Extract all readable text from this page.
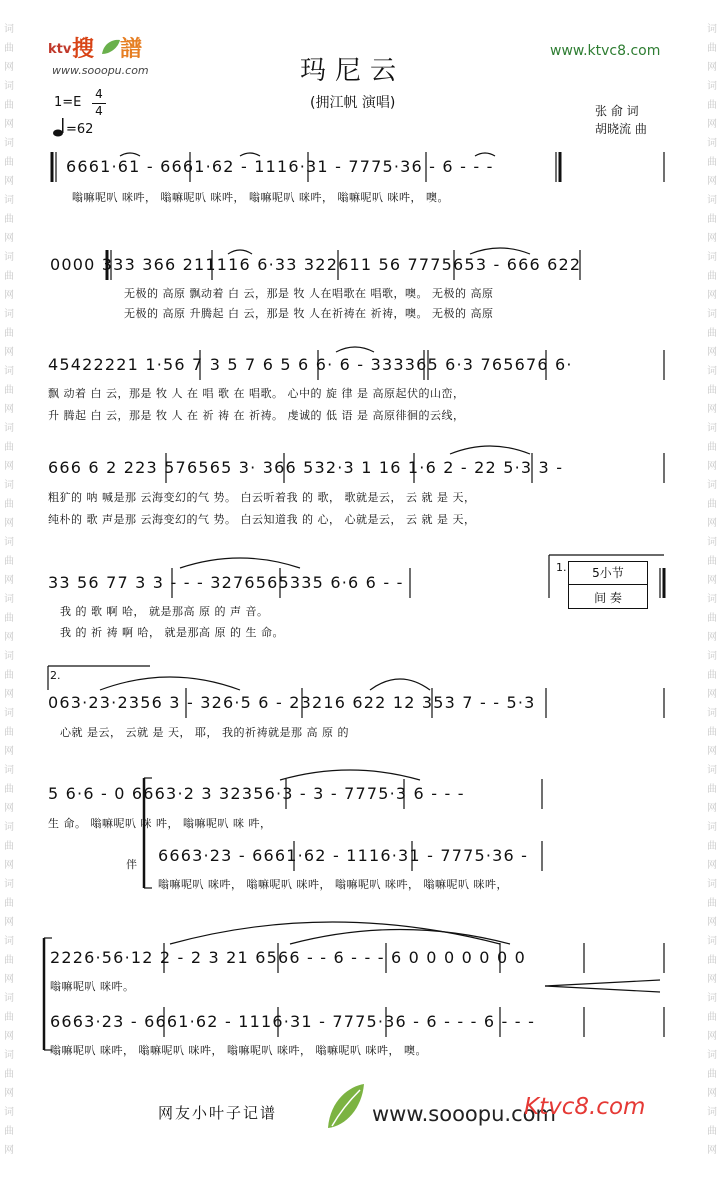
词曲网词曲网词曲网词曲网词曲网词曲网词曲网词曲网词曲网词曲网词曲网词曲网词曲网词曲网词曲网词曲网词曲网词曲网词曲网词曲网
词曲网词曲网词曲网词曲网词曲网词曲网词曲网词曲网词曲网词曲网词曲网词曲网词曲网词曲网词曲网词曲网词曲网词曲网词曲网词曲网
ktv 搜 譜
www.sooopu.com
www.ktvc8.com
玛尼云
(拥江帆 演唱)
1=E
4
4
=62
张 俞 词
胡晓流 曲
6661·61 - 6661·62 - 1116·31 - 7775·36 - 6 - - -
嗡嘛呢叭 咪吽， 嗡嘛呢叭 咪吽， 嗡嘛呢叭 咪吽， 嗡嘛呢叭 咪吽， 噢。
0000 333 366 211116 6·33 322611 56 7775653 - 666 622
无极的 高原 飘动着 白 云，那是 牧 人在唱歌在 唱歌，噢。 无极的 高原
无极的 高原 升腾起 白 云，那是 牧 人在祈祷在 祈祷，噢。 无极的 高原
45422221 1·56 7 3 5 7 6 5 6 6· 6 - 333365 6·3 765676 6·
飘 动着 白 云，那是 牧 人 在 唱 歌 在 唱歌。 心中的 旋 律 是 高原起伏的山峦，
升 腾起 白 云，那是 牧 人 在 祈 祷 在 祈祷。 虔诚的 低 语 是 高原徘徊的云线，
666 6 2 223 576565 3· 366 532·3 1 16 1·6 2 - 22 5·3 3 -
粗犷的 呐 喊是那 云海变幻的气 势。 白云听着我 的 歌， 歌就是云， 云 就 是 天，
纯朴的 歌 声是那 云海变幻的气 势。 白云知道我 的 心， 心就是云， 云 就 是 天，
33 56 77 3 3 - - - 3276565335 6·6 6 - -
我 的 歌 啊 哈， 就是那高 原 的 声 音。
我 的 祈 祷 啊 哈， 就是那高 原 的 生 命。
1.	5小节
间 奏
2.
063·23·2356 3 - 326·5 6 - 23216 622 12 353 7 - - 5·3
心就 是云， 云就 是 天， 耶， 我的祈祷就是那 高 原 的
5 6·6 - 0 6663·2 3 32356·3 - 3 - 7775·3 6 - - -
生 命。 嗡嘛呢叭 咪 吽， 嗡嘛呢叭 咪 吽，
伴 6663·23 - 6661·62 - 1116·31 - 7775·36 -
嗡嘛呢叭 咪吽， 嗡嘛呢叭 咪吽， 嗡嘛呢叭 咪吽， 嗡嘛呢叭 咪吽，
2226·56·12 2 - 2 3 21 6566 - - 6 - - - 6 0 0 0 0 0 0 0
嗡嘛呢叭 咪吽。
6663·23 - 6661·62 - 1116·31 - 7775·36 - 6 - - - 6 - - -
嗡嘛呢叭 咪吽， 嗡嘛呢叭 咪吽， 嗡嘛呢叭 咪吽， 嗡嘛呢叭 咪吽， 噢。
网友小叶子记谱	www.sooopu.com
Ktvc8.com
